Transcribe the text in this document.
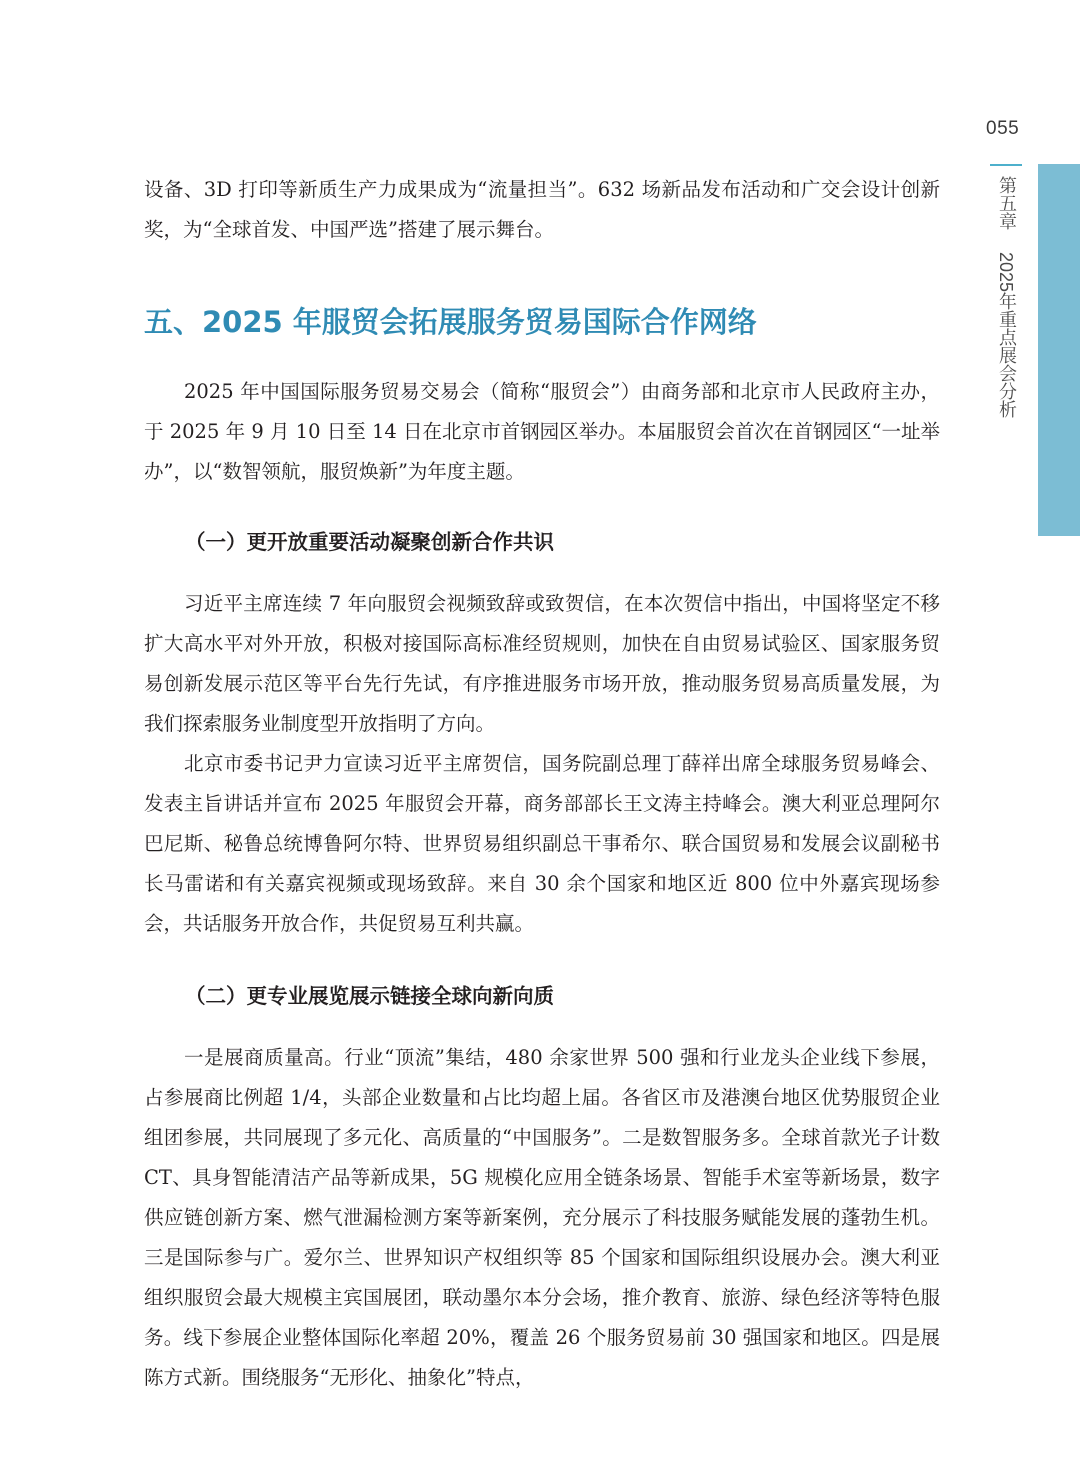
055
第五章2025年重点展会分析

设备、3D 打印等新质生产力成果成为“流量担当”。632 场新品发布活动和广交会设计创新奖，为“全球首发、中国严选”搭建了展示舞台。

五、2025 年服贸会拓展服务贸易国际合作网络

2025 年中国国际服务贸易交易会（简称“服贸会”）由商务部和北京市人民政府主办，于 2025 年 9 月 10 日至 14 日在北京市首钢园区举办。本届服贸会首次在首钢园区“一址举办”，以“数智领航，服贸焕新”为年度主题。

（一）更开放重要活动凝聚创新合作共识

习近平主席连续 7 年向服贸会视频致辞或致贺信，在本次贺信中指出，中国将坚定不移扩大高水平对外开放，积极对接国际高标准经贸规则，加快在自由贸易试验区、国家服务贸易创新发展示范区等平台先行先试，有序推进服务市场开放，推动服务贸易高质量发展，为我们探索服务业制度型开放指明了方向。

北京市委书记尹力宣读习近平主席贺信，国务院副总理丁薛祥出席全球服务贸易峰会、发表主旨讲话并宣布 2025 年服贸会开幕，商务部部长王文涛主持峰会。澳大利亚总理阿尔巴尼斯、秘鲁总统博鲁阿尔特、世界贸易组织副总干事希尔、联合国贸易和发展会议副秘书长马雷诺和有关嘉宾视频或现场致辞。来自 30 余个国家和地区近 800 位中外嘉宾现场参会，共话服务开放合作，共促贸易互利共赢。

（二）更专业展览展示链接全球向新向质

一是展商质量高。行业“顶流”集结，480 余家世界 500 强和行业龙头企业线下参展，占参展商比例超 1/4，头部企业数量和占比均超上届。各省区市及港澳台地区优势服贸企业组团参展，共同展现了多元化、高质量的“中国服务”。二是数智服务多。全球首款光子计数 CT、具身智能清洁产品等新成果，5G 规模化应用全链条场景、智能手术室等新场景，数字供应链创新方案、燃气泄漏检测方案等新案例，充分展示了科技服务赋能发展的蓬勃生机。三是国际参与广。爱尔兰、世界知识产权组织等 85 个国家和国际组织设展办会。澳大利亚组织服贸会最大规模主宾国展团，联动墨尔本分会场，推介教育、旅游、绿色经济等特色服务。线下参展企业整体国际化率超 20%，覆盖 26 个服务贸易前 30 强国家和地区。四是展陈方式新。围绕服务“无形化、抽象化”特点，
